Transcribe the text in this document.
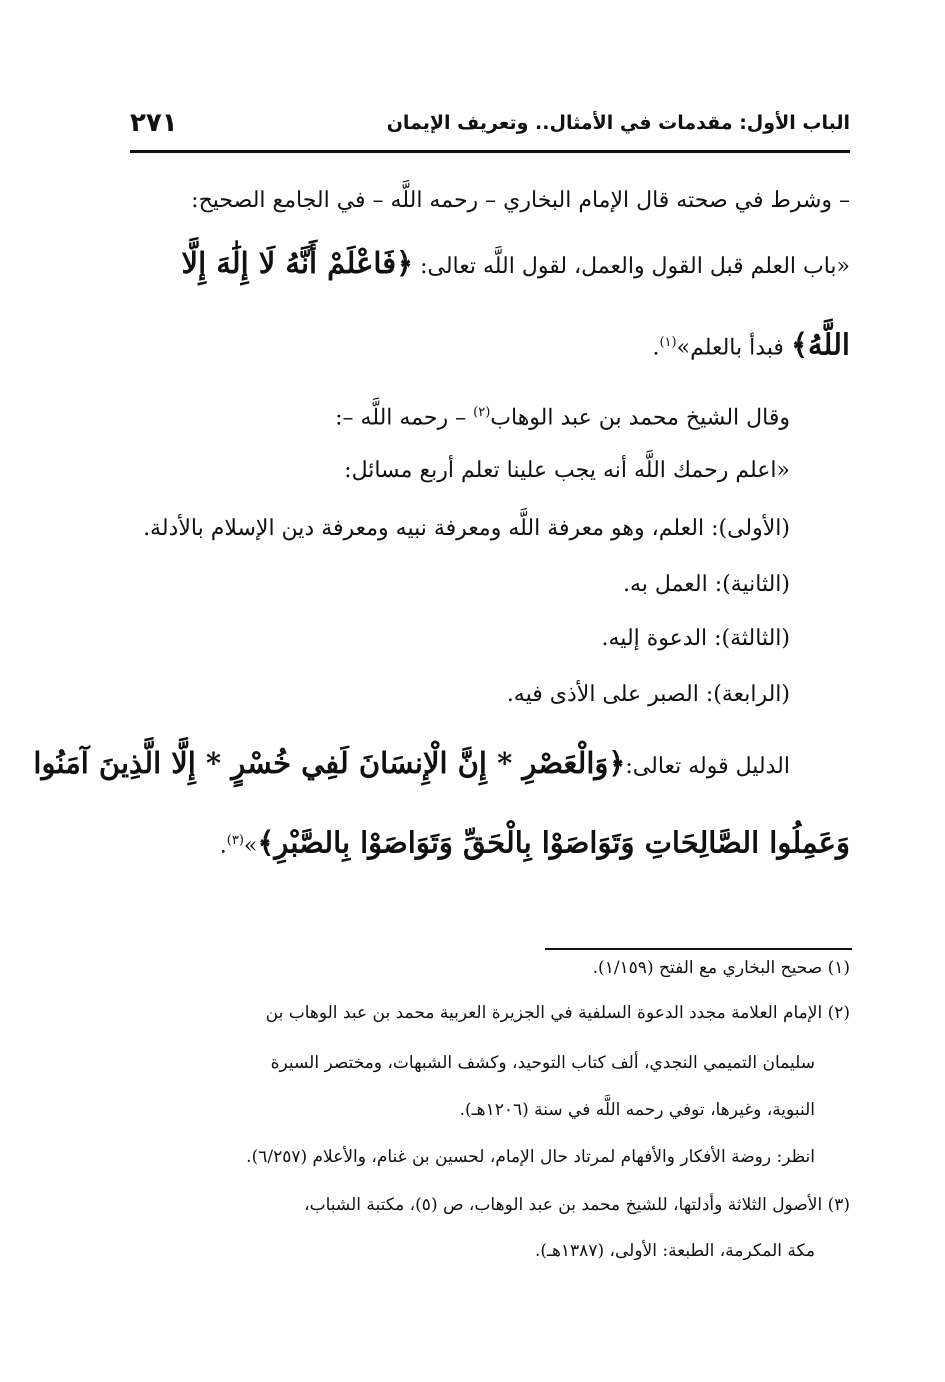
الباب الأول: مقدمات في الأمثال.. وتعريف الإيمان
٢٧١
– وشرط في صحته قال الإمام البخاري – رحمه اللَّه – في الجامع الصحيح:
«باب العلم قبل القول والعمل، لقول اللَّه تعالى: ﴿فَاعْلَمْ أَنَّهُ لَا إِلَٰهَ إِلَّا
اللَّهُ﴾ فبدأ بالعلم»$^{(١)}$.
وقال الشيخ محمد بن عبد الوهاب$^{(٢)}$ – رحمه اللَّه –:
«اعلم رحمك اللَّه أنه يجب علينا تعلم أربع مسائل:
(الأولى): العلم، وهو معرفة اللَّه ومعرفة نبيه ومعرفة دين الإسلام بالأدلة.
(الثانية): العمل به.
(الثالثة): الدعوة إليه.
(الرابعة): الصبر على الأذى فيه.
الدليل قوله تعالى:﴿وَالْعَصْرِ * إِنَّ الْإِنسَانَ لَفِي خُسْرٍ * إِلَّا الَّذِينَ آمَنُوا
وَعَمِلُوا الصَّالِحَاتِ وَتَوَاصَوْا بِالْحَقِّ وَتَوَاصَوْا بِالصَّبْرِ﴾»$^{(٣)}$.
(١) صحيح البخاري مع الفتح (١/١٥٩).
(٢) الإمام العلامة مجدد الدعوة السلفية في الجزيرة العربية محمد بن عبد الوهاب بن
سليمان التميمي النجدي، ألف كتاب التوحيد، وكشف الشبهات، ومختصر السيرة
النبوية، وغيرها، توفي رحمه اللَّه في سنة (١٢٠٦هـ).
انظر: روضة الأفكار والأفهام لمرتاد حال الإمام، لحسين بن غنام، والأعلام (٦/٢٥٧).
(٣) الأصول الثلاثة وأدلتها، للشيخ محمد بن عبد الوهاب، ص (٥)، مكتبة الشباب،
مكة المكرمة، الطبعة: الأولى، (١٣٨٧هـ).
